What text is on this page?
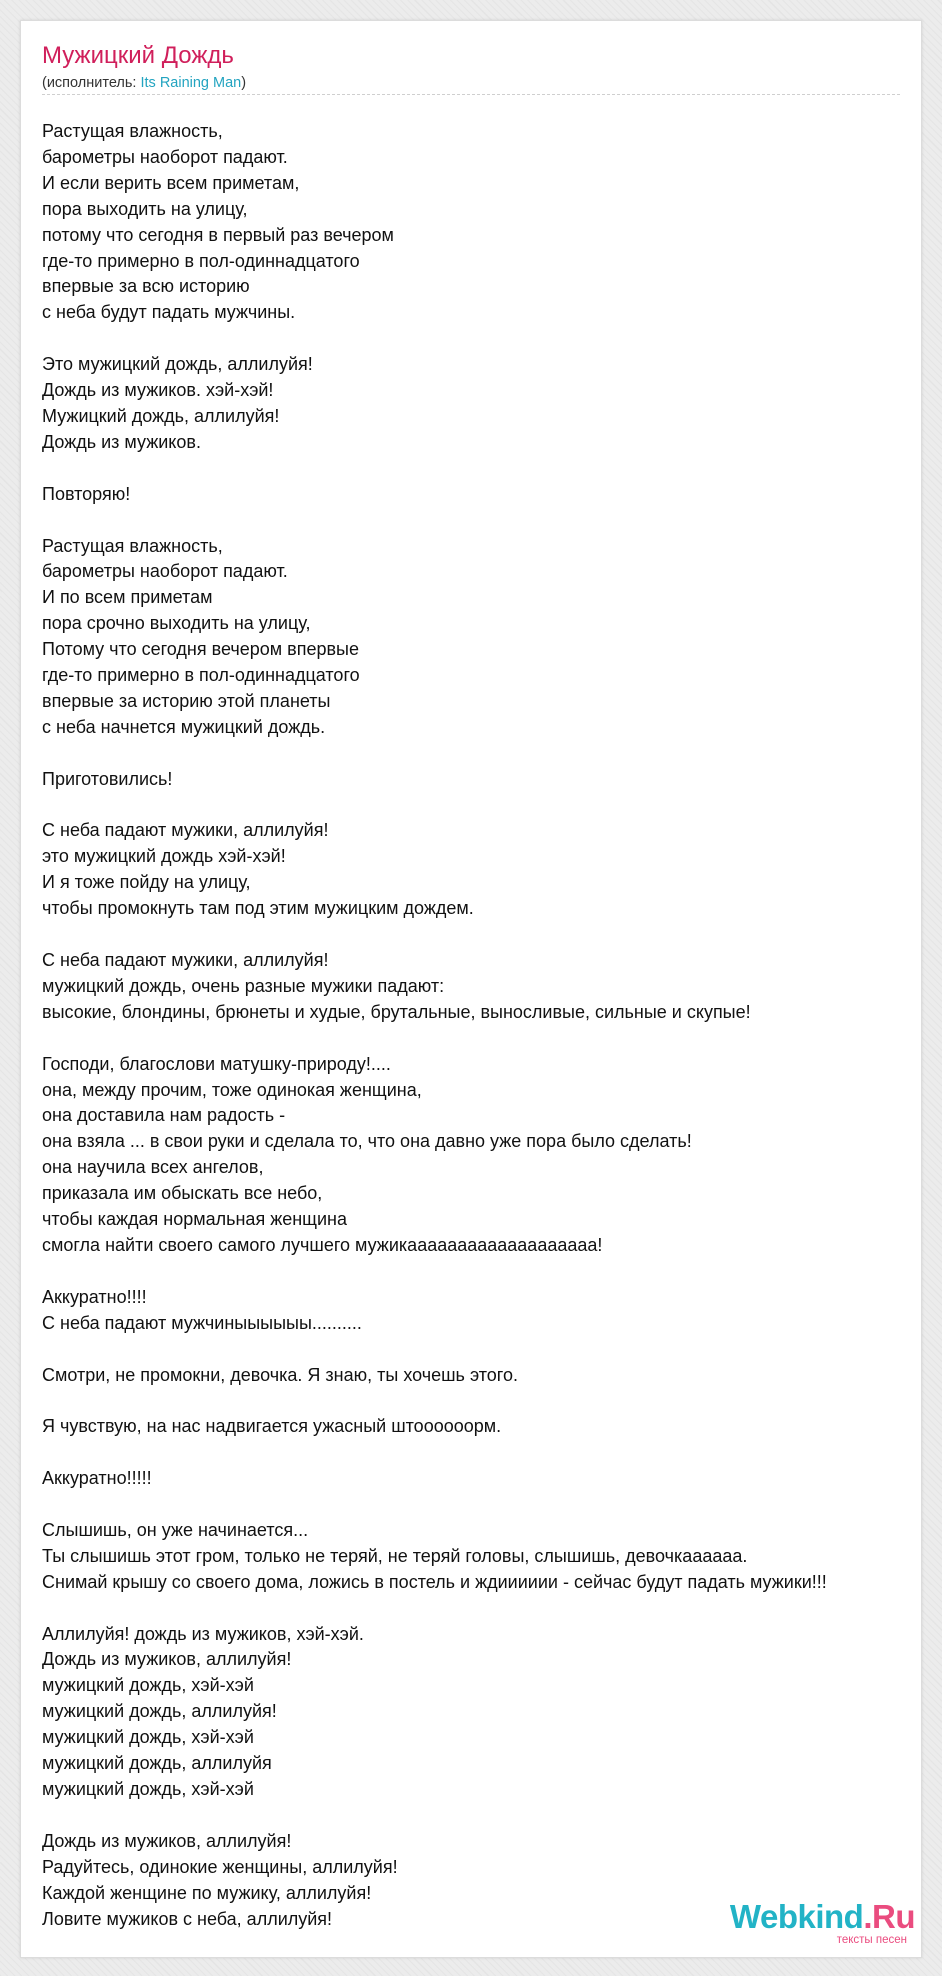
Мужицкий Дождь
(исполнитель: Its Raining Man)
Растущая влажность,
барометры наоборот падают.
И если верить всем приметам,
пора выходить на улицу,
потому что сегодня в первый раз вечером
где-то примерно в пол-одиннадцатого
впервые за всю историю
с неба будут падать мужчины.

Это мужицкий дождь, аллилуйя!
Дождь из мужиков. хэй-хэй!
Мужицкий дождь, аллилуйя!
Дождь из мужиков.

Повторяю!

Растущая влажность,
барометры наоборот падают.
И по всем приметам
пора срочно выходить на улицу,
Потому что сегодня вечером впервые
где-то примерно в пол-одиннадцатого
впервые за историю этой планеты
с неба начнется мужицкий дождь.

Приготовились!

С неба падают мужики, аллилуйя!
это мужицкий дождь хэй-хэй!
И я тоже пойду на улицу,
чтобы промокнуть там под этим мужицким дождем.

С неба падают мужики, аллилуйя!
мужицкий дождь, очень разные мужики падают:
высокие, блондины, брюнеты и худые, брутальные, выносливые, сильные и скупые!

Господи, благослови матушку-природу!....
она, между прочим, тоже одинокая женщина,
она доставила нам радость -
она взяла ... в свои руки и сделала то, что она давно уже пора было сделать!
она научила всех ангелов,
приказала им обыскать все небо,
чтобы каждая нормальная женщина
смогла найти своего самого лучшего мужикааааааааааааааааааа!

Аккуратно!!!!
С неба падают мужчиныыыыыы..........

Смотри, не промокни, девочка. Я знаю, ты хочешь этого.

Я чувствую, на нас надвигается ужасный штоооооорм.

Аккуратно!!!!!

Слышишь, он уже начинается...
Ты слышишь этот гром, только не теряй, не теряй головы, слышишь, девочкааааaа.
Снимай крышу со своего дома, ложись в постель и ждииииии - сейчас будут падать мужики!!!

Аллилуйя! дождь из мужиков, хэй-хэй.
Дождь из мужиков, аллилуйя!
мужицкий дождь, хэй-хэй
мужицкий дождь, аллилуйя!
мужицкий дождь, хэй-хэй
мужицкий дождь, аллилуйя
мужицкий дождь, хэй-хэй

Дождь из мужиков, аллилуйя!
Радуйтесь, одинокие женщины, аллилуйя!
Каждой женщине по мужику, аллилуйя!
Ловите мужиков с неба, аллилуйя!	Webkind.Ru
тексты песен
